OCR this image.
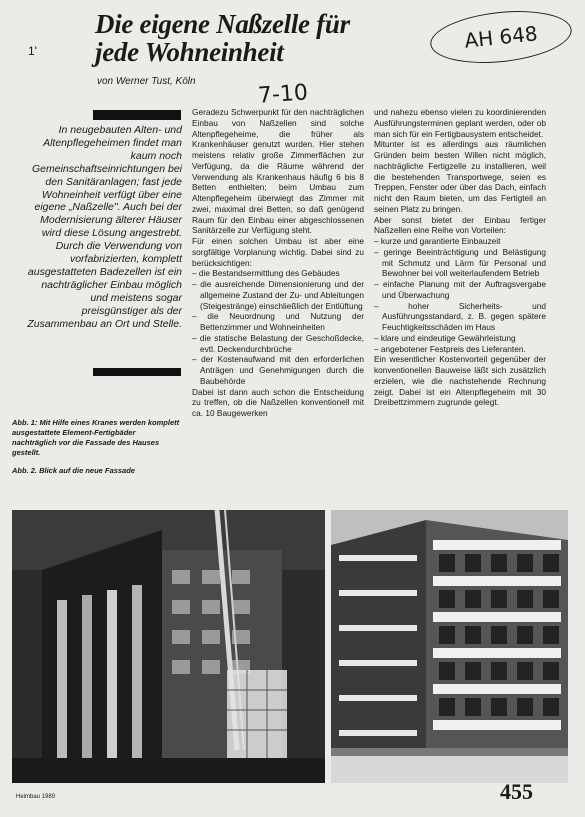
Die eigene Naßzelle für jede Wohneinheit
von Werner Tust, Köln
AH 648
7-10
1'

In neugebauten Alten- und Altenpflegeheimen findet man kaum noch Gemeinschaftseinrichtungen bei den Sanitäranlagen; fast jede Wohneinheit verfügt über eine eigene „Naßzelle". Auch bei der Modernisierung älterer Häuser wird diese Lösung angestrebt. Durch die Verwendung von vorfabrizierten, komplett ausgestatteten Badezellen ist ein nachträglicher Einbau möglich und meistens sogar preisgünstiger als der Zusammenbau an Ort und Stelle.

Abb. 1: Mit Hilfe eines Kranes werden komplett ausgestattete Element-Fertigbäder nachträglich vor die Fassade des Hauses gestellt.

Abb. 2. Blick auf die neue Fassade

Geradezu Schwerpunkt für den nachträglichen Einbau von Naßzellen sind solche Altenpflegeheime, die früher als Krankenhäuser genutzt wurden. Hier stehen meistens relativ große Zimmerflächen zur Verfügung, da die Räume während der Verwendung als Krankenhaus häufig 6 bis 8 Betten enthielten; beim Umbau zum Altenpflegeheim überwiegt das Zimmer mit zwei, maximal drei Betten, so daß genügend Raum für den Einbau einer abgeschlossenen Sanitärzelle zur Verfügung steht.

Für einen solchen Umbau ist aber eine sorgfältige Vorplanung wichtig. Dabei sind zu berücksichtigen:

– die Bestandsermittlung des Gebäudes
– die ausreichende Dimensionierung und der allgemeine Zustand der Zu- und Ableitungen (Steigestränge) einschließlich der Entlüftung
– die Neuordnung und Nutzung der Bettenzimmer und Wohneinheiten
– die statische Belastung der Geschoßdecke, evtl. Deckendurchbrüche
– der Kostenaufwand mit den erforderlichen Anträgen und Genehmigungen durch die Baubehörde

Dabei ist dann auch schon die Entscheidung zu treffen, ob die Naßzellen konventionell mit ca. 10 Baugewerken

und nahezu ebenso vielen zu koordinierenden Ausführungsterminen geplant werden, oder ob man sich für ein Fertigbausystem entscheidet.

Mitunter ist es allerdings aus räumlichen Gründen beim besten Willen nicht möglich, nachträgliche Fertigzelle zu installieren, weil die bestehenden Transportwege, seien es Treppen, Fenster oder über das Dach, einfach nicht den Raum bieten, um das Fertigteil an seinen Platz zu bringen.

Aber sonst bietet der Einbau fertiger Naßzellen eine Reihe von Vorteilen:

– kurze und garantierte Einbauzeit
– geringe Beeinträchtigung und Belästigung mit Schmutz und Lärm für Personal und Bewohner bei voll weiterlaufendem Betrieb
– einfache Planung mit der Auftragsvergabe und Überwachung
– hoher Sicherheits- und Ausführungsstandard, z. B. gegen spätere Feuchtigkeitsschäden im Haus
– klare und eindeutige Gewährleistung
– angebotener Festpreis des Lieferanten.

Ein wesentlicher Kostenvorteil gegenüber der konventionellen Bauweise läßt sich zusätzlich erzielen, wie die nachstehende Rechnung zeigt. Dabei ist ein Altenpflegeheim mit 30 Dreibettzimmern zugrunde gelegt.

Heimbau 1989	455
